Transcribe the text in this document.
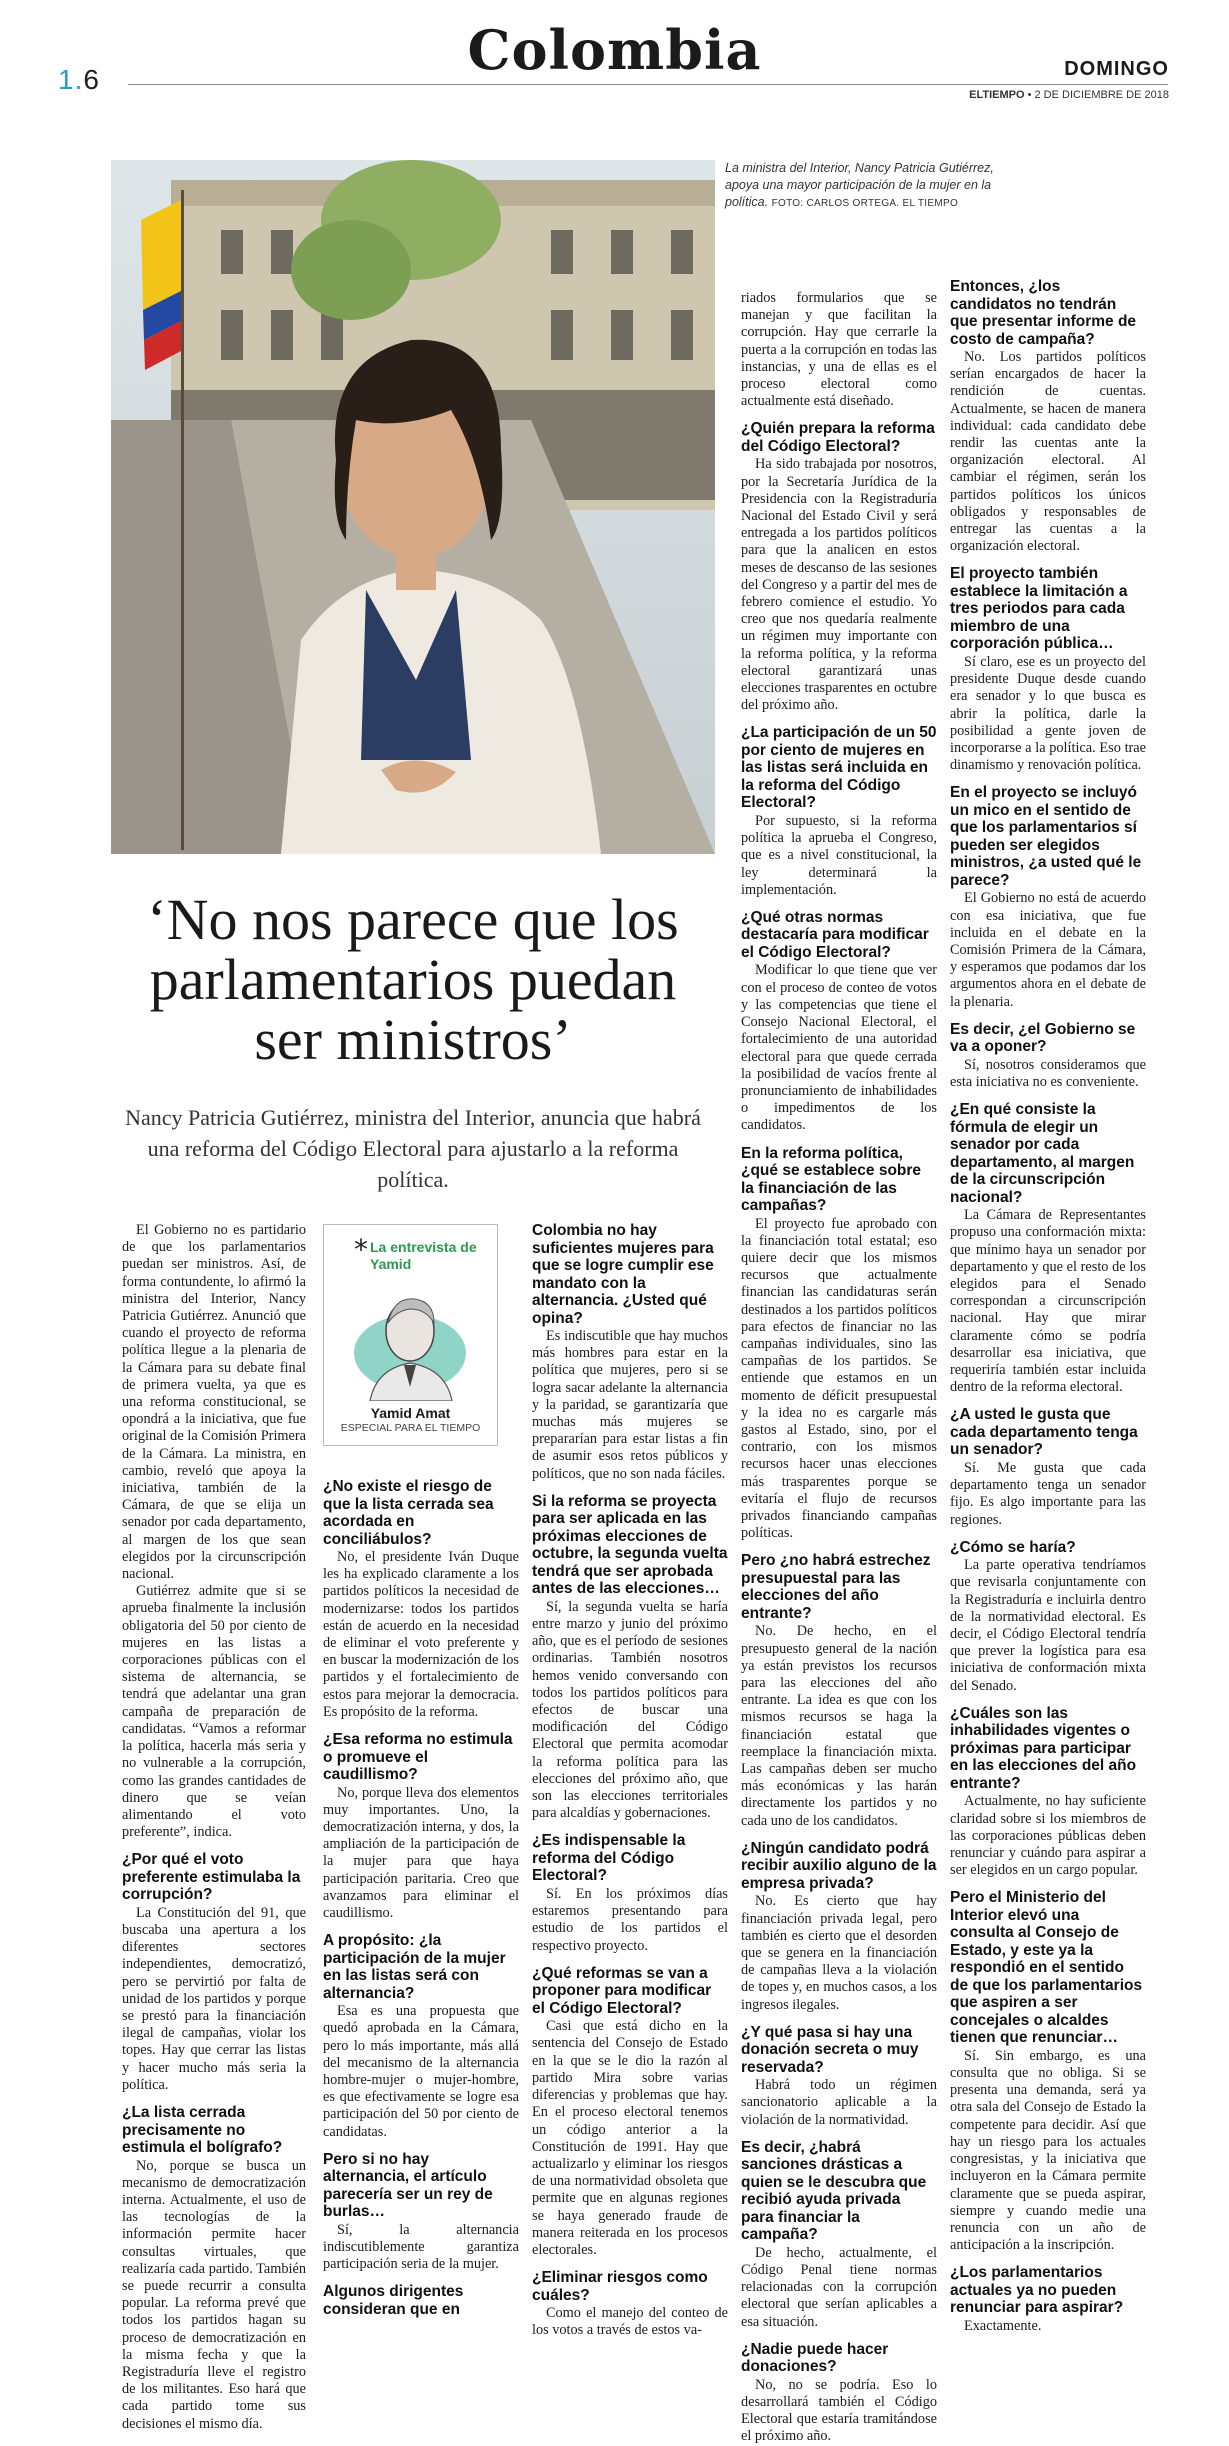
1.6	Colombia	DOMINGO
ELTIEMPO • 2 DE DICIEMBRE DE 2018
La ministra del Interior, Nancy Patricia Gutiérrez, apoya una mayor participación de la mujer en la política. FOTO: CARLOS ORTEGA. EL TIEMPO
‘No nos parece que los parlamentarios puedan ser ministros’
Nancy Patricia Gutiérrez, ministra del Interior, anuncia que habrá una reforma del Código Electoral para ajustarlo a la reforma política.
* La entrevista de Yamid
Yamid Amat
ESPECIAL PARA EL TIEMPO

El Gobierno no es partidario de que los parlamentarios puedan ser ministros. Así, de forma contundente, lo afirmó la ministra del Interior, Nancy Patricia Gutiérrez. Anunció que cuando el proyecto de reforma política llegue a la plenaria de la Cámara para su debate final de primera vuelta, ya que es una reforma constitucional, se opondrá a la iniciativa, que fue original de la Comisión Primera de la Cámara. La ministra, en cambio, reveló que apoya la iniciativa, también de la Cámara, de que se elija un senador por cada departamento, al margen de los que sean elegidos por la circunscripción nacional.

Gutiérrez admite que si se aprueba finalmente la inclusión obligatoria del 50 por ciento de mujeres en las listas a corporaciones públicas con el sistema de alternancia, se tendrá que adelantar una gran campaña de preparación de candidatas. “Vamos a reformar la política, hacerla más seria y no vulnerable a la corrupción, como las grandes cantidades de dinero que se veían alimentando el voto preferente”, indica.

¿Por qué el voto preferente estimulaba la corrupción?

La Constitución del 91, que buscaba una apertura a los diferentes sectores independientes, democratizó, pero se pervirtió por falta de unidad de los partidos y porque se prestó para la financiación ilegal de campañas, violar los topes. Hay que cerrar las listas y hacer mucho más seria la política.

¿La lista cerrada precisamente no estimula el bolígrafo?

No, porque se busca un mecanismo de democratización interna. Actualmente, el uso de las tecnologías de la información permite hacer consultas virtuales, que realizaría cada partido. También se puede recurrir a consulta popular. La reforma prevé que todos los partidos hagan su proceso de democratización en la misma fecha y que la Registraduría lleve el registro de los militantes. Eso hará que cada partido tome sus decisiones el mismo día.

¿No existe el riesgo de que la lista cerrada sea acordada en conciliábulos?

No, el presidente Iván Duque les ha explicado claramente a los partidos políticos la necesidad de modernizarse: todos los partidos están de acuerdo en la necesidad de eliminar el voto preferente y en buscar la modernización de los partidos y el fortalecimiento de estos para mejorar la democracia. Es propósito de la reforma.

¿Esa reforma no estimula o promueve el caudillismo?

No, porque lleva dos elementos muy importantes. Uno, la democratización interna, y dos, la ampliación de la participación de la mujer para que haya participación paritaria. Creo que avanzamos para eliminar el caudillismo.

A propósito: ¿la participación de la mujer en las listas será con alternancia?

Esa es una propuesta que quedó aprobada en la Cámara, pero lo más importante, más allá del mecanismo de la alternancia hombre-mujer o mujer-hombre, es que efectivamente se logre esa participación del 50 por ciento de candidatas.

Pero si no hay alternancia, el artículo parecería ser un rey de burlas…

Sí, la alternancia indiscutiblemente garantiza participación seria de la mujer.

Algunos dirigentes consideran que en
Colombia no hay suficientes mujeres para que se logre cumplir ese mandato con la alternancia. ¿Usted qué opina?

Es indiscutible que hay muchos más hombres para estar en la política que mujeres, pero si se logra sacar adelante la alternancia y la paridad, se garantizaría que muchas más mujeres se prepararían para estar listas a fin de asumir esos retos públicos y políticos, que no son nada fáciles.

Si la reforma se proyecta para ser aplicada en las próximas elecciones de octubre, la segunda vuelta tendrá que ser aprobada antes de las elecciones…

Sí, la segunda vuelta se haría entre marzo y junio del próximo año, que es el período de sesiones ordinarias. También nosotros hemos venido conversando con todos los partidos políticos para efectos de buscar una modificación del Código Electoral que permita acomodar la reforma política para las elecciones del próximo año, que son las elecciones territoriales para alcaldías y gobernaciones.

¿Es indispensable la reforma del Código Electoral?

Sí. En los próximos días estaremos presentando para estudio de los partidos el respectivo proyecto.

¿Qué reformas se van a proponer para modificar el Código Electoral?

Casi que está dicho en la sentencia del Consejo de Estado en la que se le dio la razón al partido Mira sobre varias diferencias y problemas que hay. En el proceso electoral tenemos un código anterior a la Constitución de 1991. Hay que actualizarlo y eliminar los riesgos de una normatividad obsoleta que permite que en algunas regiones se haya generado fraude de manera reiterada en los procesos electorales.

¿Eliminar riesgos como cuáles?

Como el manejo del conteo de los votos a través de estos va-

riados formularios que se manejan y que facilitan la corrupción. Hay que cerrarle la puerta a la corrupción en todas las instancias, y una de ellas es el proceso electoral como actualmente está diseñado.

¿Quién prepara la reforma del Código Electoral?

Ha sido trabajada por nosotros, por la Secretaría Jurídica de la Presidencia con la Registraduría Nacional del Estado Civil y será entregada a los partidos políticos para que la analicen en estos meses de descanso de las sesiones del Congreso y a partir del mes de febrero comience el estudio. Yo creo que nos quedaría realmente un régimen muy importante con la reforma política, y la reforma electoral garantizará unas elecciones trasparentes en octubre del próximo año.

¿La participación de un 50 por ciento de mujeres en las listas será incluida en la reforma del Código Electoral?

Por supuesto, si la reforma política la aprueba el Congreso, que es a nivel constitucional, la ley determinará la implementación.

¿Qué otras normas destacaría para modificar el Código Electoral?

Modificar lo que tiene que ver con el proceso de conteo de votos y las competencias que tiene el Consejo Nacional Electoral, el fortalecimiento de una autoridad electoral para que quede cerrada la posibilidad de vacíos frente al pronunciamiento de inhabilidades o impedimentos de los candidatos.

En la reforma política, ¿qué se establece sobre la financiación de las campañas?

El proyecto fue aprobado con la financiación total estatal; eso quiere decir que los mismos recursos que actualmente financian las candidaturas serán destinados a los partidos políticos para efectos de financiar no las campañas individuales, sino las campañas de los partidos. Se entiende que estamos en un momento de déficit presupuestal y la idea no es cargarle más gastos al Estado, sino, por el contrario, con los mismos recursos hacer unas elecciones más trasparentes porque se evitaría el flujo de recursos privados financiando campañas políticas.

Pero ¿no habrá estrechez presupuestal para las elecciones del año entrante?

No. De hecho, en el presupuesto general de la nación ya están previstos los recursos para las elecciones del año entrante. La idea es que con los mismos recursos se haga la financiación estatal que reemplace la financiación mixta. Las campañas deben ser mucho más económicas y las harán directamente los partidos y no cada uno de los candidatos.

¿Ningún candidato podrá recibir auxilio alguno de la empresa privada?

No. Es cierto que hay financiación privada legal, pero también es cierto que el desorden que se genera en la financiación de campañas lleva a la violación de topes y, en muchos casos, a los ingresos ilegales.

¿Y qué pasa si hay una donación secreta o muy reservada?

Habrá todo un régimen sancionatorio aplicable a la violación de la normatividad.

Es decir, ¿habrá sanciones drásticas a quien se le descubra que recibió ayuda privada para financiar la campaña?

De hecho, actualmente, el Código Penal tiene normas relacionadas con la corrupción electoral que serían aplicables a esa situación.

¿Nadie puede hacer donaciones?

No, no se podría. Eso lo desarrollará también el Código Electoral que estaría tramitándose el próximo año.

Entonces, ¿los candidatos no tendrán que presentar informe de costo de campaña?

No. Los partidos políticos serían encargados de hacer la rendición de cuentas. Actualmente, se hacen de manera individual: cada candidato debe rendir las cuentas ante la organización electoral. Al cambiar el régimen, serán los partidos políticos los únicos obligados y responsables de entregar las cuentas a la organización electoral.

El proyecto también establece la limitación a tres periodos para cada miembro de una corporación pública…

Sí claro, ese es un proyecto del presidente Duque desde cuando era senador y lo que busca es abrir la política, darle la posibilidad a gente joven de incorporarse a la política. Eso trae dinamismo y renovación política.

En el proyecto se incluyó un mico en el sentido de que los parlamentarios sí pueden ser elegidos ministros, ¿a usted qué le parece?

El Gobierno no está de acuerdo con esa iniciativa, que fue incluida en el debate en la Comisión Primera de la Cámara, y esperamos que podamos dar los argumentos ahora en el debate de la plenaria.

Es decir, ¿el Gobierno se va a oponer?

Sí, nosotros consideramos que esta iniciativa no es conveniente.

¿En qué consiste la fórmula de elegir un senador por cada departamento, al margen de la circunscripción nacional?

La Cámara de Representantes propuso una conformación mixta: que mínimo haya un senador por departamento y que el resto de los elegidos para el Senado correspondan a circunscripción nacional. Hay que mirar claramente cómo se podría desarrollar esa iniciativa, que requeriría también estar incluida dentro de la reforma electoral.

¿A usted le gusta que cada departamento tenga un senador?

Sí. Me gusta que cada departamento tenga un senador fijo. Es algo importante para las regiones.

¿Cómo se haría?

La parte operativa tendríamos que revisarla conjuntamente con la Registraduría e incluirla dentro de la normatividad electoral. Es decir, el Código Electoral tendría que prever la logística para esa iniciativa de conformación mixta del Senado.

¿Cuáles son las inhabilidades vigentes o próximas para participar en las elecciones del año entrante?

Actualmente, no hay suficiente claridad sobre si los miembros de las corporaciones públicas deben renunciar y cuándo para aspirar a ser elegidos en un cargo popular.

Pero el Ministerio del Interior elevó una consulta al Consejo de Estado, y este ya la respondió en el sentido de que los parlamentarios que aspiren a ser concejales o alcaldes tienen que renunciar…

Sí. Sin embargo, es una consulta que no obliga. Si se presenta una demanda, será ya otra sala del Consejo de Estado la competente para decidir. Así que hay un riesgo para los actuales congresistas, y la iniciativa que incluyeron en la Cámara permite claramente que se pueda aspirar, siempre y cuando medie una renuncia con un año de anticipación a la inscripción.

¿Los parlamentarios actuales ya no pueden renunciar para aspirar?

Exactamente.
